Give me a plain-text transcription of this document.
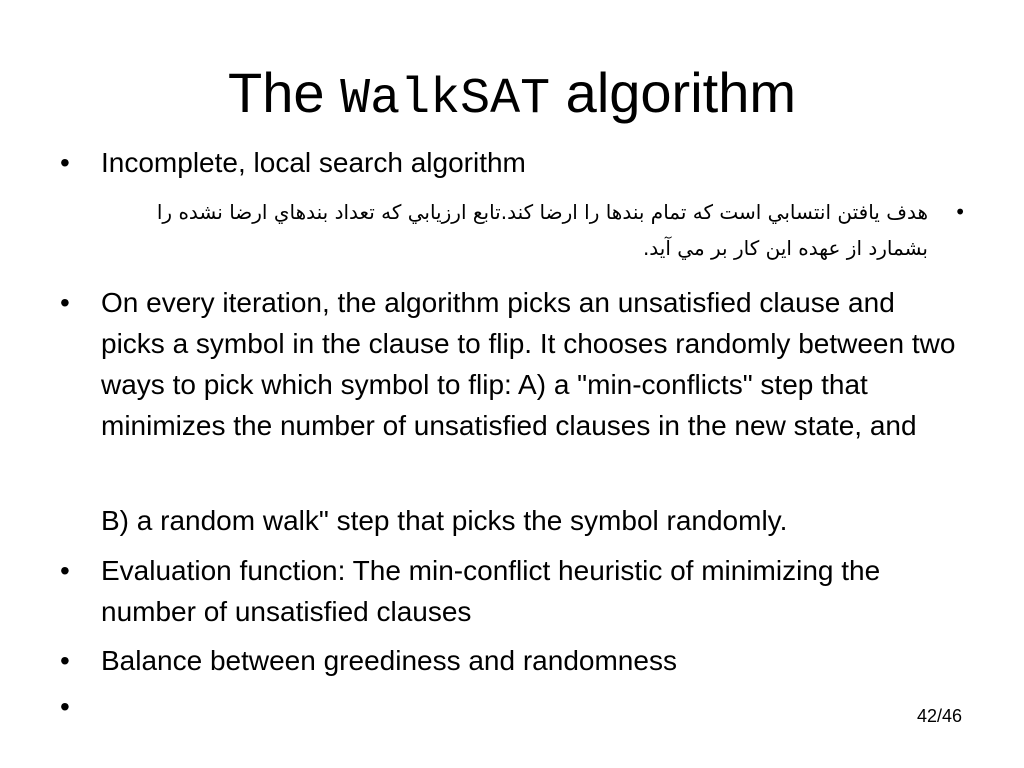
The WalkSAT algorithm
• Incomplete, local search algorithm
•
هدف يافتن انتسابي است كه تمام بندها را ارضا كند.تابع ارزيابي كه تعداد بندهاي ارضا نشده را بشمارد از عهده اين كار بر مي آيد.
• On every iteration, the algorithm picks an unsatisfied clause and picks a symbol in the clause to flip. It chooses randomly between two ways to pick which symbol to flip: A) a "min-conflicts" step that minimizes the number of unsatisfied clauses in the new state, and
B) a random walk" step that picks the symbol randomly.
• Evaluation function: The min-conflict heuristic of minimizing the number of unsatisfied clauses
• Balance between greediness and randomness
•	42/46
